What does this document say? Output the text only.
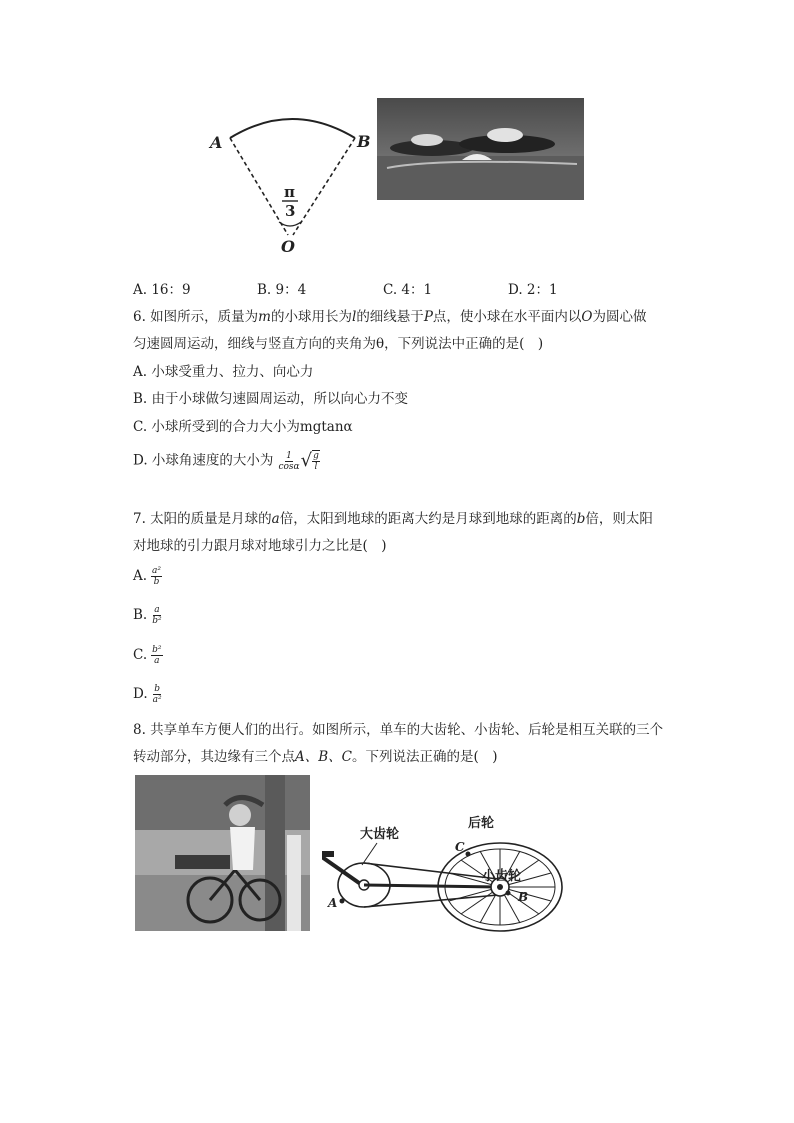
A	B
O
π
3
A. 16：9	B. 9：4	C. 4：1	D. 2：1
6. 如图所示，质量为m的小球用长为l的细线悬于P点，使小球在水平面内以O为圆心做
匀速圆周运动，细线与竖直方向的夹角为θ，下列说法中正确的是(　)
A. 小球受重力、拉力、向心力
B. 由于小球做匀速圆周运动，所以向心力不变
C. 小球所受到的合力大小为mgtanα
D. 小球角速度的大小为 $\frac{1}{\cos\alpha}$ √ $\frac{g}{l}$
7. 太阳的质量是月球的a倍，太阳到地球的距离大约是月球到地球的距离的b倍，则太阳
对地球的引力跟月球对地球引力之比是(　)
A. $\frac{\text{a²}}{b}$
B. $\frac{a}{\text{b²}}$
C. $\frac{\text{b²}}{a}$
D. $\frac{b}{\text{a²}}$
8. 共享单车方便人们的出行。如图所示，单车的大齿轮、小齿轮、后轮是相互关联的三个
转动部分，其边缘有三个点A、B、C。下列说法正确的是(　)
大齿轮
小齿轮
后轮
A	B
C
